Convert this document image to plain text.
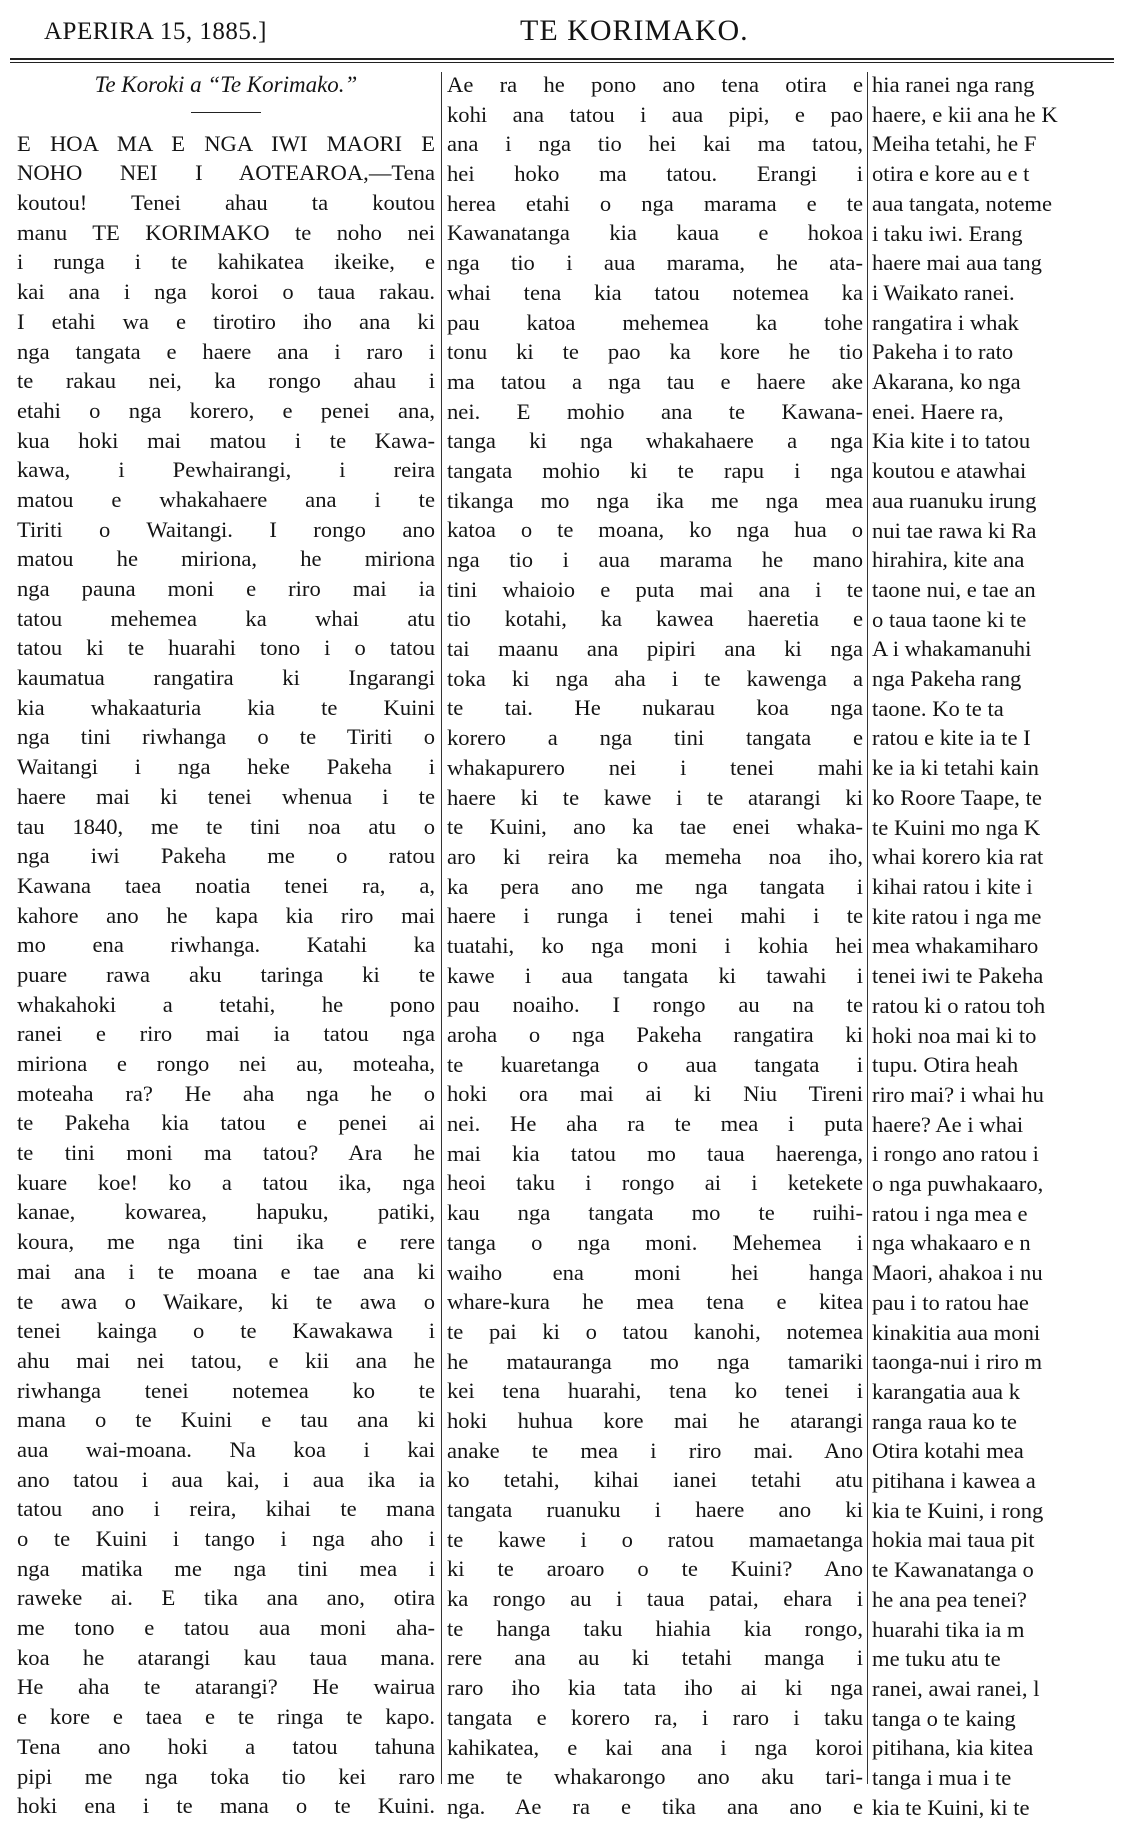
APERIRA 15, 1885.]	TE KORIMAKO.
Te Koroki a “Te Korimako.”
E HOA MA E NGA IWI MAORI E
NOHO NEI I AOTEAROA,—Tena
koutou! Tenei ahau ta koutou
manu TE KORIMAKO te noho nei
i runga i te kahikatea ikeike, e
kai ana i nga koroi o taua rakau.
I etahi wa e tirotiro iho ana ki
nga tangata e haere ana i raro i
te rakau nei, ka rongo ahau i
etahi o nga korero, e penei ana,
kua hoki mai matou i te Kawa-
kawa, i Pewhairangi, i reira
matou e whakahaere ana i te
Tiriti o Waitangi. I rongo ano
matou he miriona, he miriona
nga pauna moni e riro mai ia
tatou mehemea ka whai atu
tatou ki te huarahi tono i o tatou
kaumatua rangatira ki Ingarangi
kia whakaaturia kia te Kuini
nga tini riwhanga o te Tiriti o
Waitangi i nga heke Pakeha i
haere mai ki tenei whenua i te
tau 1840, me te tini noa atu o
nga iwi Pakeha me o ratou
Kawana taea noatia tenei ra, a,
kahore ano he kapa kia riro mai
mo ena riwhanga. Katahi ka
puare rawa aku taringa ki te
whakahoki a tetahi, he pono
ranei e riro mai ia tatou nga
miriona e rongo nei au, moteaha,
moteaha ra? He aha nga he o
te Pakeha kia tatou e penei ai
te tini moni ma tatou? Ara he
kuare koe! ko a tatou ika, nga
kanae, kowarea, hapuku, patiki,
koura, me nga tini ika e rere
mai ana i te moana e tae ana ki
te awa o Waikare, ki te awa o
tenei kainga o te Kawakawa i
ahu mai nei tatou, e kii ana he
riwhanga tenei notemea ko te
mana o te Kuini e tau ana ki
aua wai-moana. Na koa i kai
ano tatou i aua kai, i aua ika ia
tatou ano i reira, kihai te mana
o te Kuini i tango i nga aho i
nga matika me nga tini mea i
raweke ai. E tika ana ano, otira
me tono e tatou aua moni aha-
koa he atarangi kau taua mana.
He aha te atarangi? He wairua
e kore e taea e te ringa te kapo.
Tena ano hoki a tatou tahuna
pipi me nga toka tio kei raro
hoki ena i te mana o te Kuini.
Ae ra he pono ano tena otira e
kohi ana tatou i aua pipi, e pao
ana i nga tio hei kai ma tatou,
hei hoko ma tatou. Erangi i
herea etahi o nga marama e te
Kawanatanga kia kaua e hokoa
nga tio i aua marama, he ata-
whai tena kia tatou notemea ka
pau katoa mehemea ka tohe
tonu ki te pao ka kore he tio
ma tatou a nga tau e haere ake
nei. E mohio ana te Kawana-
tanga ki nga whakahaere a nga
tangata mohio ki te rapu i nga
tikanga mo nga ika me nga mea
katoa o te moana, ko nga hua o
nga tio i aua marama he mano
tini whaioio e puta mai ana i te
tio kotahi, ka kawea haeretia e
tai maanu ana pipiri ana ki nga
toka ki nga aha i te kawenga a
te tai. He nukarau koa nga
korero a nga tini tangata e
whakapurero nei i tenei mahi
haere ki te kawe i te atarangi ki
te Kuini, ano ka tae enei whaka-
aro ki reira ka memeha noa iho,
ka pera ano me nga tangata i
haere i runga i tenei mahi i te
tuatahi, ko nga moni i kohia hei
kawe i aua tangata ki tawahi i
pau noaiho. I rongo au na te
aroha o nga Pakeha rangatira ki
te kuaretanga o aua tangata i
hoki ora mai ai ki Niu Tireni
nei. He aha ra te mea i puta
mai kia tatou mo taua haerenga,
heoi taku i rongo ai i ketekete
kau nga tangata mo te ruihi-
tanga o nga moni. Mehemea i
waiho ena moni hei hanga
whare-kura he mea tena e kitea
te pai ki o tatou kanohi, notemea
he matauranga mo nga tamariki
kei tena huarahi, tena ko tenei i
hoki huhua kore mai he atarangi
anake te mea i riro mai. Ano
ko tetahi, kihai ianei tetahi atu
tangata ruanuku i haere ano ki
te kawe i o ratou mamaetanga
ki te aroaro o te Kuini? Ano
ka rongo au i taua patai, ehara i
te hanga taku hiahia kia rongo,
rere ana au ki tetahi manga i
raro iho kia tata iho ai ki nga
tangata e korero ra, i raro i taku
kahikatea, e kai ana i nga koroi
me te whakarongo ano aku tari-
nga. Ae ra e tika ana ano e
hia ranei nga rang
haere, e kii ana he K
Meiha tetahi, he F
otira e kore au e t
aua tangata, noteme
i taku iwi. Erang
haere mai aua tang
i Waikato ranei.
rangatira i whak
Pakeha i to rato
Akarana, ko nga
enei. Haere ra,
Kia kite i to tatou
koutou e atawhai
aua ruanuku irung
nui tae rawa ki Ra
hirahira, kite ana
taone nui, e tae an
o taua taone ki te
A i whakamanuhi
nga Pakeha rang
taone. Ko te ta
ratou e kite ia te I
ke ia ki tetahi kain
ko Roore Taape, te
te Kuini mo nga K
whai korero kia rat
kihai ratou i kite i
kite ratou i nga me
mea whakamiharo
tenei iwi te Pakeha
ratou ki o ratou toh
hoki noa mai ki to
tupu. Otira heah
riro mai? i whai hu
haere? Ae i whai
i rongo ano ratou i
o nga puwhakaaro,
ratou i nga mea e
nga whakaaro e n
Maori, ahakoa i nu
pau i to ratou hae
kinakitia aua moni
taonga-nui i riro m
karangatia aua k
ranga raua ko te
Otira kotahi mea
pitihana i kawea a
kia te Kuini, i rong
hokia mai taua pit
te Kawanatanga o
he ana pea tenei?
huarahi tika ia m
me tuku atu te
ranei, awai ranei, l
tanga o te kaing
pitihana, kia kitea
tanga i mua i te
kia te Kuini, ki te
